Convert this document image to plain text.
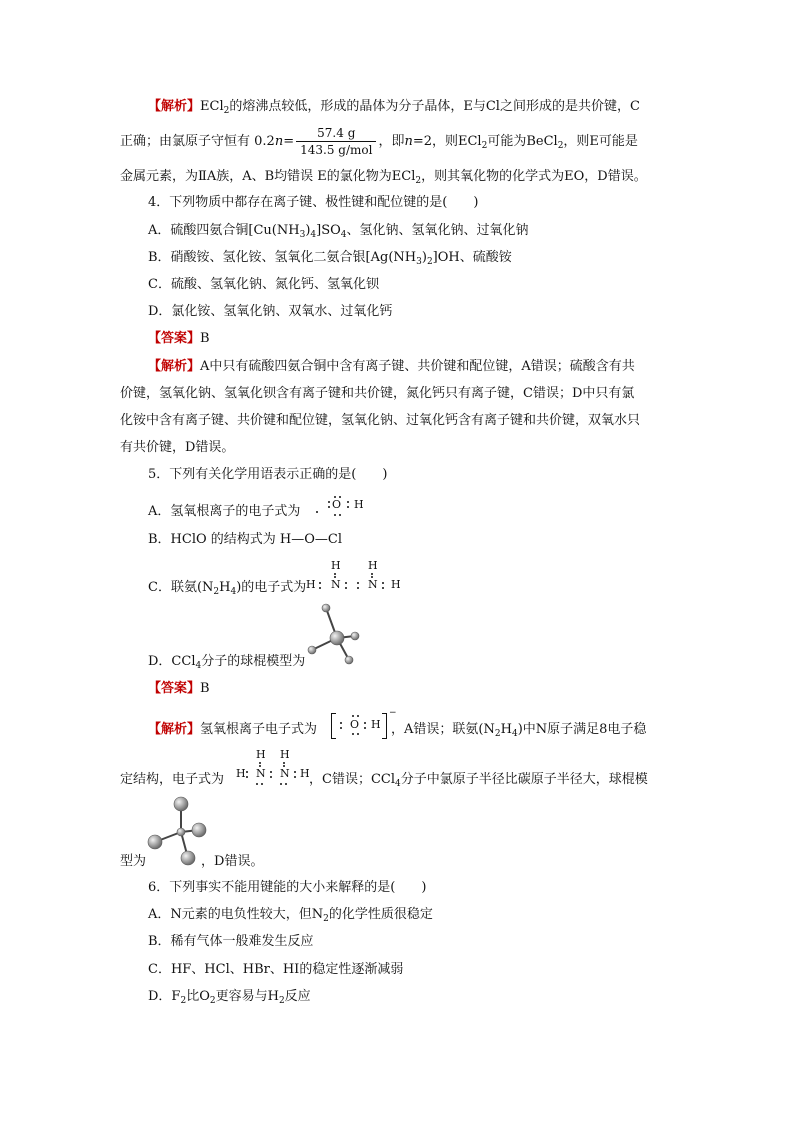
【解析】ECl$_2$的熔沸点较低，形成的晶体为分子晶体，E与Cl之间形成的是共价键，C
正确；由氯原子守恒有 $0.2n= \frac{57.4 g}{\text{143.5 g/mol}}$ ，即n=2，则ECl$_2$可能为BeCl$_2$，则E可能是
金属元素，为ⅡA族，A、B均错误 E的氯化物为ECl$_2$，则其氧化物的化学式为EO，D错误。
4．下列物质中都存在离子键、极性键和配位键的是(　　)
A．硫酸四氨合铜$[Cu(NH_3)_4]SO_4$、氢化钠、氢氧化钠、过氧化钠
B．硝酸铵、氢化铵、氢氧化二氨合银$[Ag(NH_3)_2]OH$、硫酸铵
C．硫酸、氢氧化钠、氮化钙、氢氧化钡
D．氯化铵、氢氧化钠、双氧水、过氧化钙
【答案】B
【解析】A中只有硫酸四氨合铜中含有离子键、共价键和配位键，A错误；硫酸含有共
价键，氢氧化钠、氢氧化钡含有离子键和共价键，氮化钙只有离子键，C错误；D中只有氯
化铵中含有离子键、共价键和配位键，氢氧化钠、过氧化钙含有离子键和共价键，双氧水只
有共价键，D错误。
5．下列有关化学用语表示正确的是(　　)
A．氢氧根离子的电子式为	O H
B．HClO 的结构式为 H—O—Cl
C．联氨$(N_2H_4)$的电子式为
H H
H N N H
D．CCl$_4$分子的球棍模型为
【答案】B
【解析】氢氧根离子电子式为	，A错误；联氨$(N_2H_4)$中N原子满足8电子稳
O H
−
定结构，电子式为	，C错误；CCl$_4$分子中氯原子半径比碳原子半径大，球棍模
H H
H N N H
型为	，D错误。
6．下列事实不能用键能的大小来解释的是(　　)
A．N元素的电负性较大，但$N_2$的化学性质很稳定
B．稀有气体一般难发生反应
C．HF、HCl、HBr、HI的稳定性逐渐减弱
D．$F_2$比$O_2$更容易与$H_2$反应
